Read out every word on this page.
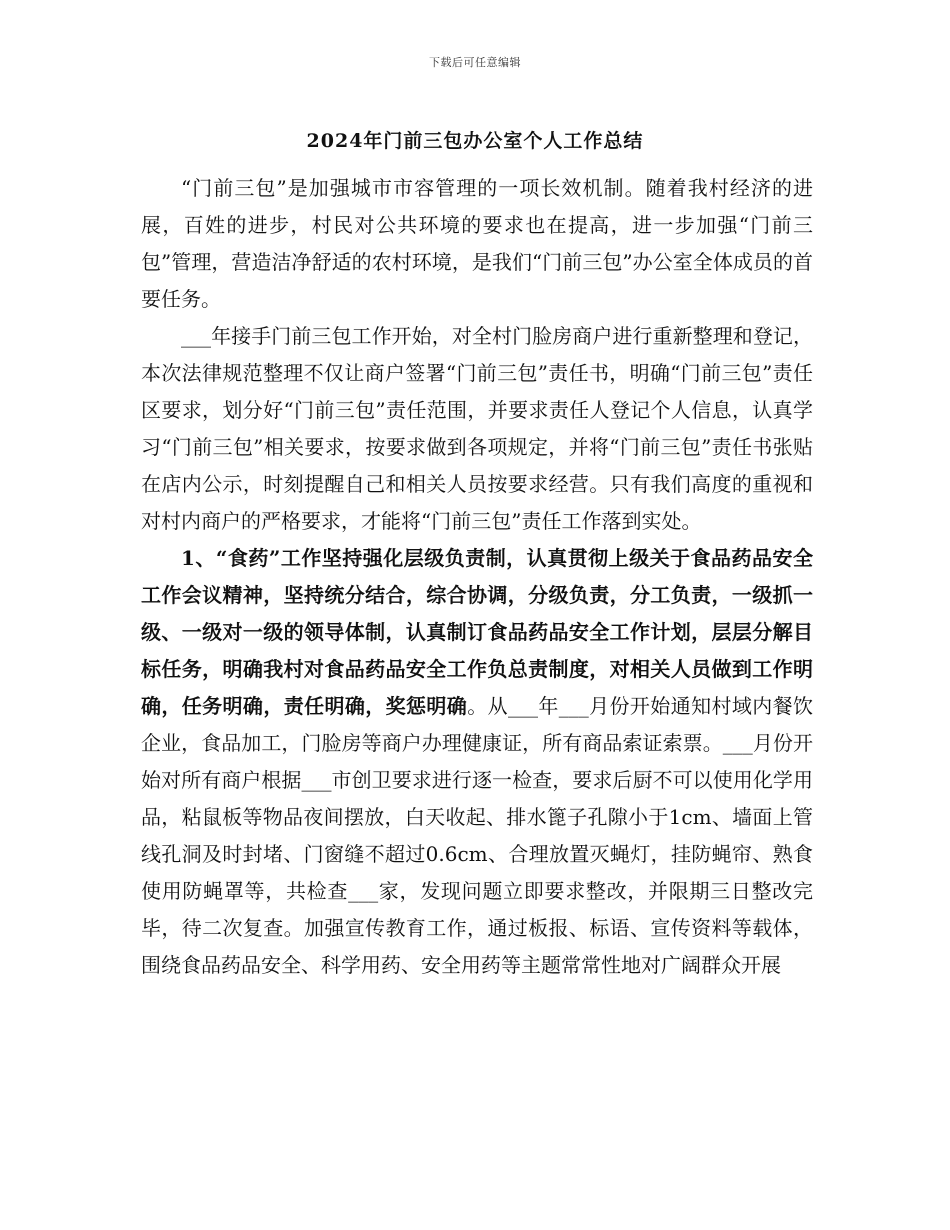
下载后可任意编辑
2024年门前三包办公室个人工作总结

“门前三包”是加强城市市容管理的一项长效机制。随着我村经济的进展，百姓的进步，村民对公共环境的要求也在提高，进一步加强“门前三包”管理，营造洁净舒适的农村环境，是我们“门前三包”办公室全体成员的首要任务。

___年接手门前三包工作开始，对全村门脸房商户进行重新整理和登记，本次法律规范整理不仅让商户签署“门前三包”责任书，明确“门前三包”责任区要求，划分好“门前三包”责任范围，并要求责任人登记个人信息，认真学习“门前三包”相关要求，按要求做到各项规定，并将“门前三包”责任书张贴在店内公示，时刻提醒自己和相关人员按要求经营。只有我们高度的重视和对村内商户的严格要求，才能将“门前三包”责任工作落到实处。

1、“食药”工作坚持强化层级负责制，认真贯彻上级关于食品药品安全工作会议精神，坚持统分结合，综合协调，分级负责，分工负责，一级抓一级、一级对一级的领导体制，认真制订食品药品安全工作计划，层层分解目标任务，明确我村对食品药品安全工作负总责制度，对相关人员做到工作明确，任务明确，责任明确，奖惩明确。从___年___月份开始通知村域内餐饮企业，食品加工，门脸房等商户办理健康证，所有商品索证索票。___月份开始对所有商户根据___市创卫要求进行逐一检查，要求后厨不可以使用化学用品，粘鼠板等物品夜间摆放，白天收起、排水篦子孔隙小于1cm、墙面上管线孔洞及时封堵、门窗缝不超过0.6cm、合理放置灭蝇灯，挂防蝇帘、熟食使用防蝇罩等，共检查___家，发现问题立即要求整改，并限期三日整改完毕，待二次复查。加强宣传教育工作，通过板报、标语、宣传资料等载体，围绕食品药品安全、科学用药、安全用药等主题常常性地对广阔群众开展
